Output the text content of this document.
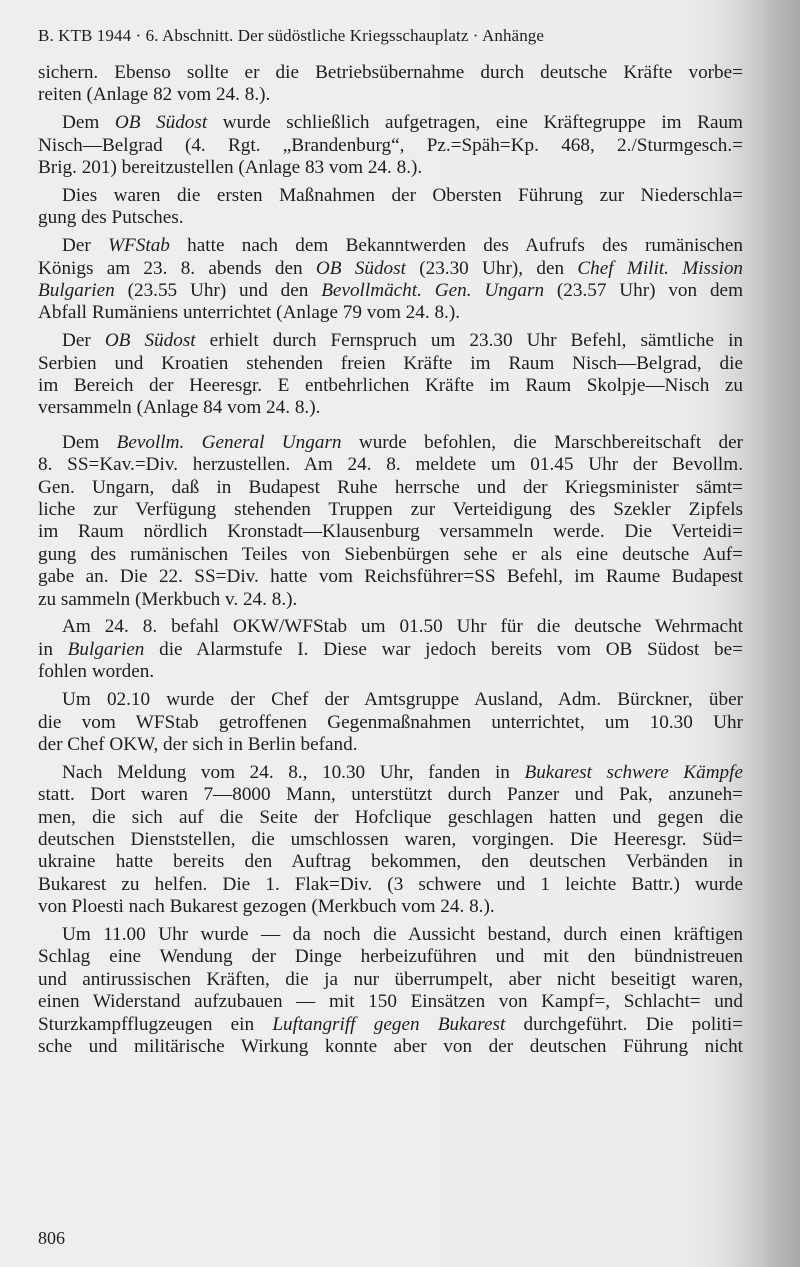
B. KTB 1944 · 6. Abschnitt. Der südöstliche Kriegsschauplatz · Anhänge
sichern. Ebenso sollte er die Betriebsübernahme durch deutsche Kräfte vorbe=
reiten (Anlage 82 vom 24. 8.).
Dem OB Südost wurde schließlich aufgetragen, eine Kräftegruppe im Raum
Nisch—Belgrad (4. Rgt. „Brandenburg“, Pz.=Späh=Kp. 468, 2./Sturmgesch.=
Brig. 201) bereitzustellen (Anlage 83 vom 24. 8.).
Dies waren die ersten Maßnahmen der Obersten Führung zur Niederschla=
gung des Putsches.
Der WFStab hatte nach dem Bekanntwerden des Aufrufs des rumänischen
Königs am 23. 8. abends den OB Südost (23.30 Uhr), den Chef Milit. Mission
Bulgarien (23.55 Uhr) und den Bevollmächt. Gen. Ungarn (23.57 Uhr) von dem
Abfall Rumäniens unterrichtet (Anlage 79 vom 24. 8.).
Der OB Südost erhielt durch Fernspruch um 23.30 Uhr Befehl, sämtliche in
Serbien und Kroatien stehenden freien Kräfte im Raum Nisch—Belgrad, die
im Bereich der Heeresgr. E entbehrlichen Kräfte im Raum Skolpje—Nisch zu
versammeln (Anlage 84 vom 24. 8.).
Dem Bevollm. General Ungarn wurde befohlen, die Marschbereitschaft der
8. SS=Kav.=Div. herzustellen. Am 24. 8. meldete um 01.45 Uhr der Bevollm.
Gen. Ungarn, daß in Budapest Ruhe herrsche und der Kriegsminister sämt=
liche zur Verfügung stehenden Truppen zur Verteidigung des Szekler Zipfels
im Raum nördlich Kronstadt—Klausenburg versammeln werde. Die Verteidi=
gung des rumänischen Teiles von Siebenbürgen sehe er als eine deutsche Auf=
gabe an. Die 22. SS=Div. hatte vom Reichsführer=SS Befehl, im Raume Budapest
zu sammeln (Merkbuch v. 24. 8.).
Am 24. 8. befahl OKW/WFStab um 01.50 Uhr für die deutsche Wehrmacht
in Bulgarien die Alarmstufe I. Diese war jedoch bereits vom OB Südost be=
fohlen worden.
Um 02.10 wurde der Chef der Amtsgruppe Ausland, Adm. Bürckner, über
die vom WFStab getroffenen Gegenmaßnahmen unterrichtet, um 10.30 Uhr
der Chef OKW, der sich in Berlin befand.
Nach Meldung vom 24. 8., 10.30 Uhr, fanden in Bukarest schwere Kämpfe
statt. Dort waren 7—8000 Mann, unterstützt durch Panzer und Pak, anzuneh=
men, die sich auf die Seite der Hofclique geschlagen hatten und gegen die
deutschen Dienststellen, die umschlossen waren, vorgingen. Die Heeresgr. Süd=
ukraine hatte bereits den Auftrag bekommen, den deutschen Verbänden in
Bukarest zu helfen. Die 1. Flak=Div. (3 schwere und 1 leichte Battr.) wurde
von Ploesti nach Bukarest gezogen (Merkbuch vom 24. 8.).
Um 11.00 Uhr wurde — da noch die Aussicht bestand, durch einen kräftigen
Schlag eine Wendung der Dinge herbeizuführen und mit den bündnistreuen
und antirussischen Kräften, die ja nur überrumpelt, aber nicht beseitigt waren,
einen Widerstand aufzubauen — mit 150 Einsätzen von Kampf=, Schlacht= und
Sturzkampfflugzeugen ein Luftangriff gegen Bukarest durchgeführt. Die politi=
sche und militärische Wirkung konnte aber von der deutschen Führung nicht
806
